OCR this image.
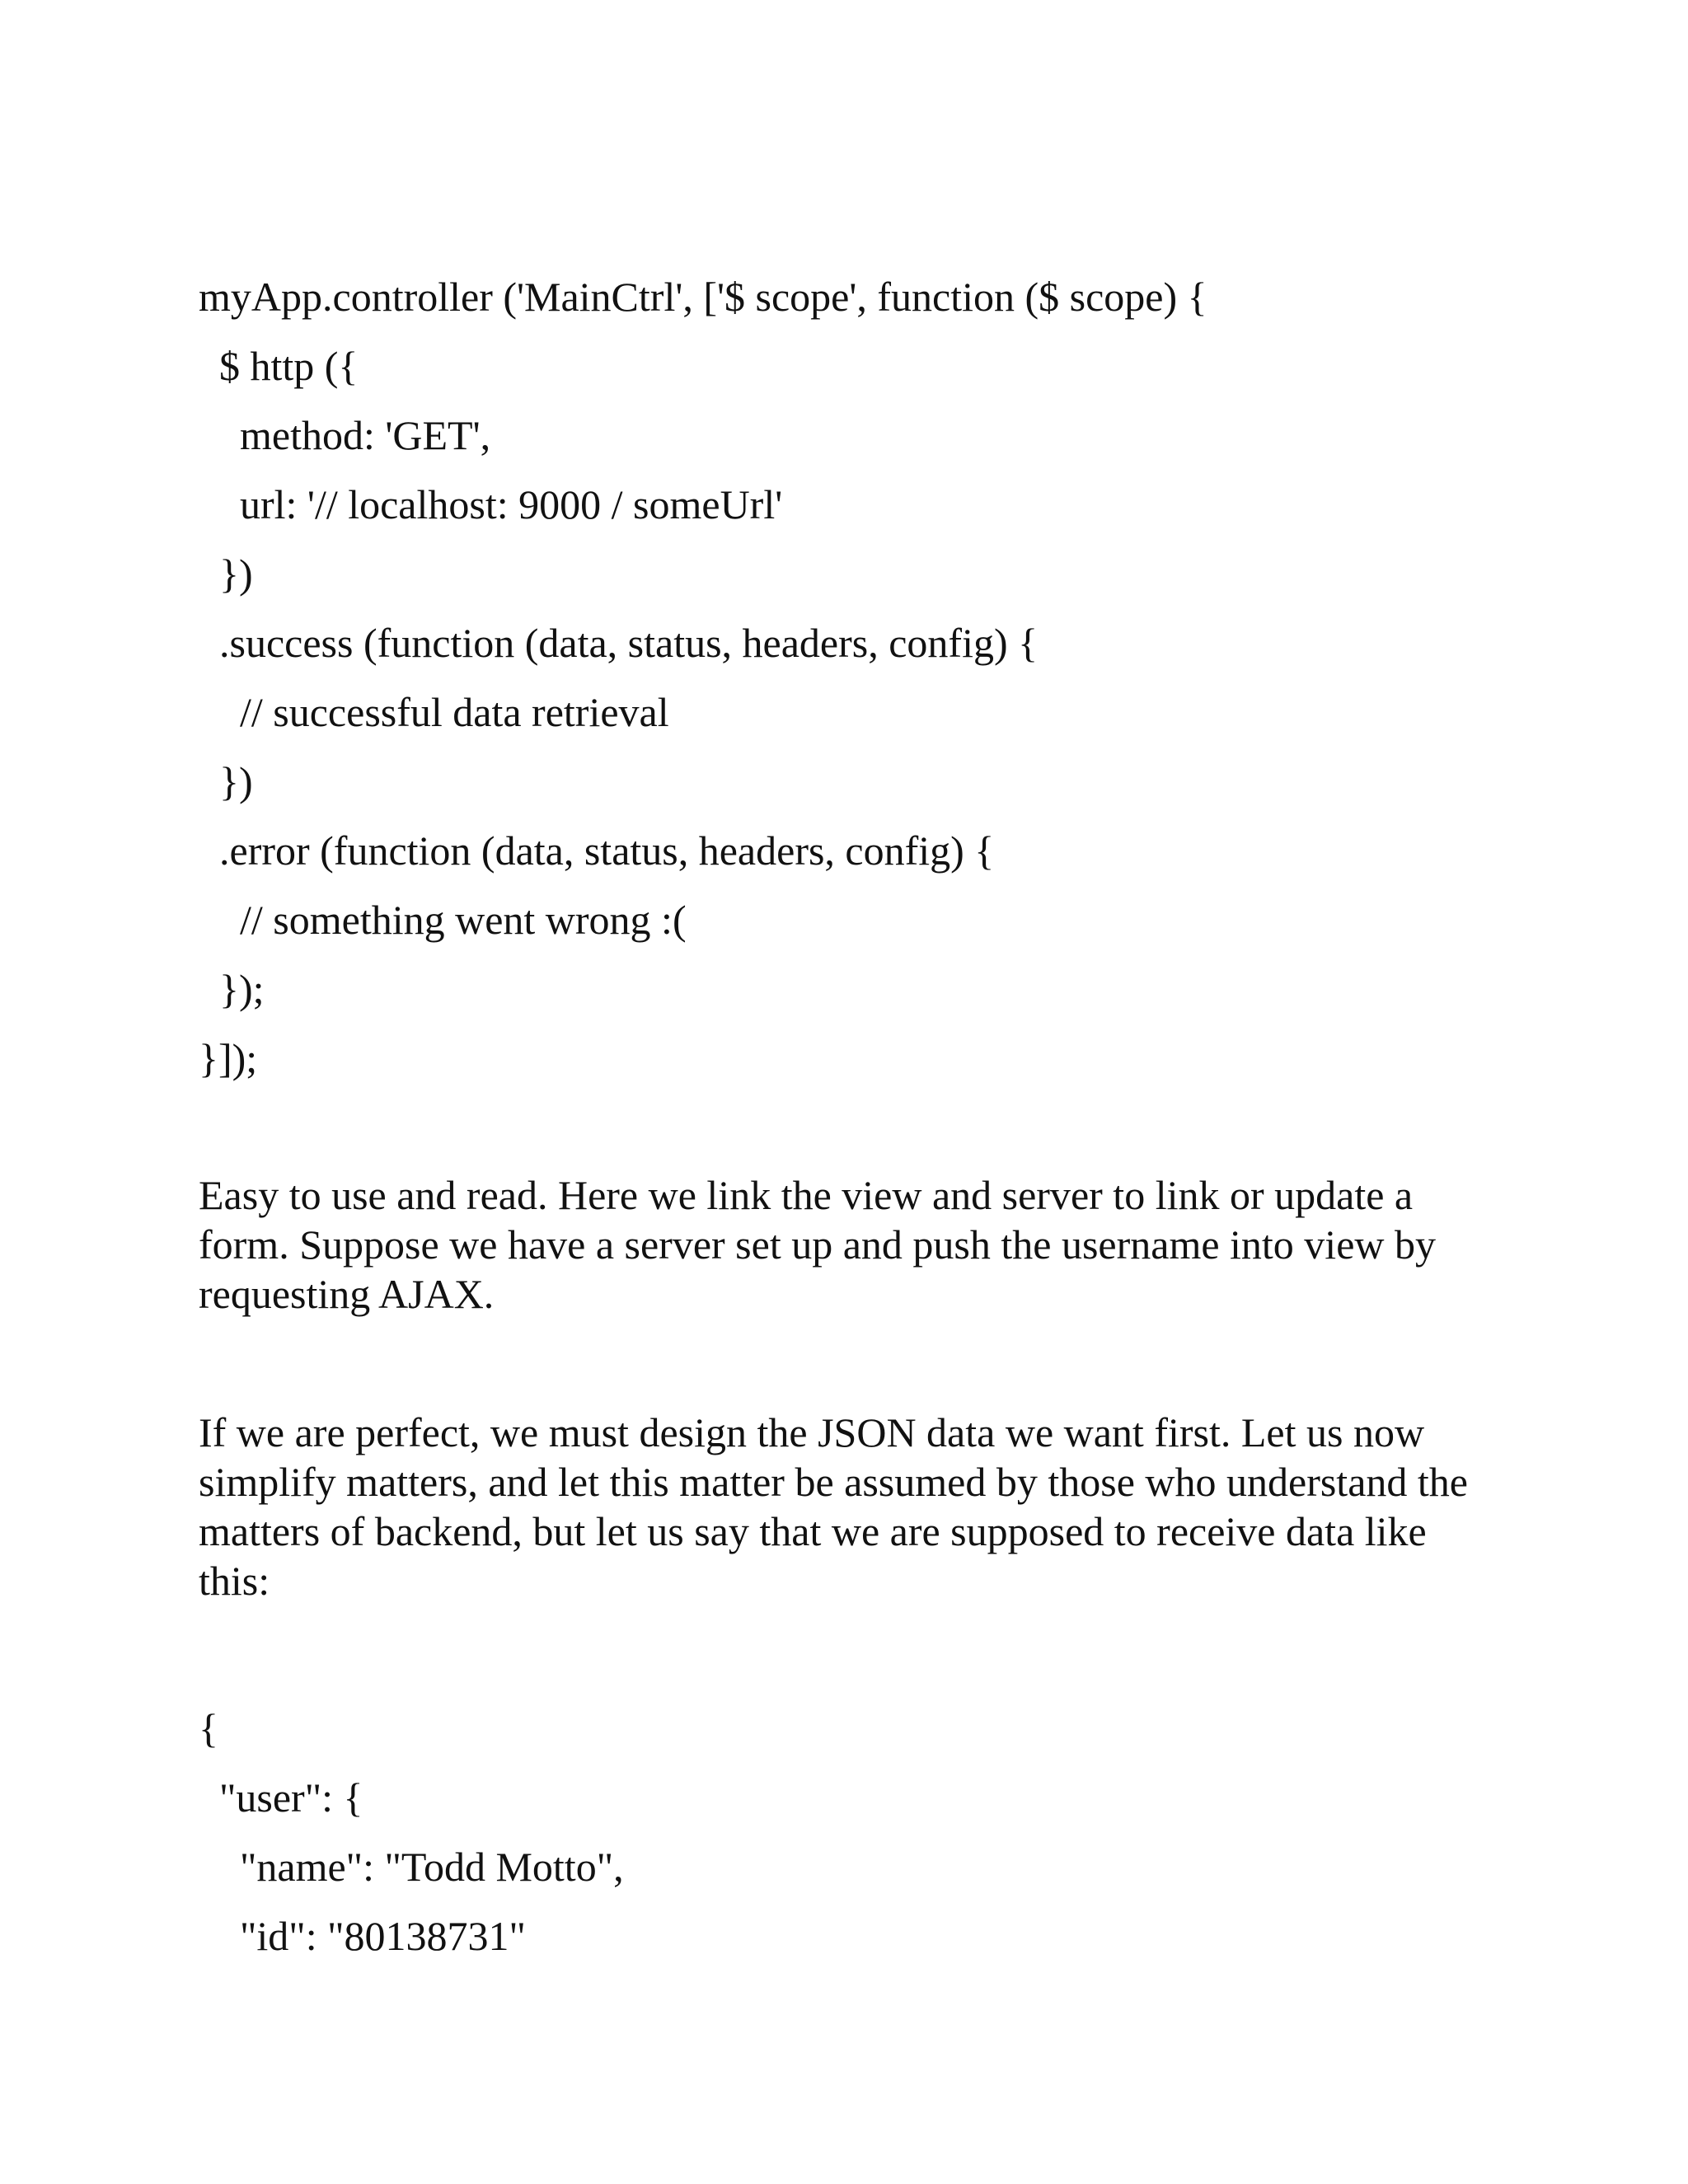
myApp.controller ('MainCtrl', ['$ scope', function ($ scope) {
$ http ({
method: 'GET',
url: '// localhost: 9000 / someUrl'
})
.success (function (data, status, headers, config) {
// successful data retrieval
})
.error (function (data, status, headers, config) {
// something went wrong :(
});
}]);

Easy to use and read. Here we link the view and server to link or update a form. Suppose we have a server set up and push the username into view by requesting AJAX.

If we are perfect, we must design the JSON data we want first. Let us now simplify matters, and let this matter be assumed by those who understand the matters of backend, but let us say that we are supposed to receive data like this:

{
"user": {
"name": "Todd Motto",
"id": "80138731"
